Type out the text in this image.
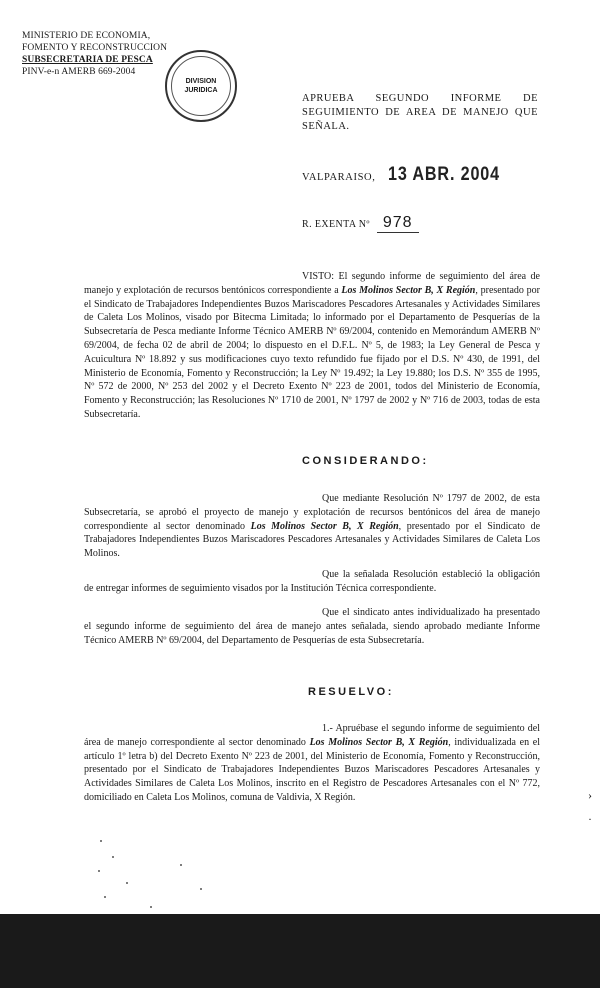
MINISTERIO DE ECONOMIA,
FOMENTO Y RECONSTRUCCION
SUBSECRETARIA DE PESCA
PINV-e-n AMERB 669-2004
DIVISION
JURIDICA
APRUEBA SEGUNDO INFORME DE SEGUIMIENTO DE AREA DE MANEJO QUE SEÑALA.
VALPARAISO, 13 ABR. 2004
R. EXENTA Nº 978
VISTO: El segundo informe de seguimiento del área de manejo y explotación de recursos bentónicos correspondiente a Los Molinos Sector B, X Región, presentado por el Sindicato de Trabajadores Independientes Buzos Mariscadores Pescadores Artesanales y Actividades Similares de Caleta Los Molinos, visado por Bitecma Limitada; lo informado por el Departamento de Pesquerías de la Subsecretaría de Pesca mediante Informe Técnico AMERB Nº 69/2004, contenido en Memorándum AMERB Nº 69/2004, de fecha 02 de abril de 2004; lo dispuesto en el D.F.L. Nº 5, de 1983; la Ley General de Pesca y Acuicultura Nº 18.892 y sus modificaciones cuyo texto refundido fue fijado por el D.S. Nº 430, de 1991, del Ministerio de Economía, Fomento y Reconstrucción; la Ley Nº 19.492; la Ley 19.880; los D.S. Nº 355 de 1995, Nº 572 de 2000, Nº 253 del 2002 y el Decreto Exento Nº 223 de 2001, todos del Ministerio de Economía, Fomento y Reconstrucción; las Resoluciones Nº 1710 de 2001, Nº 1797 de 2002 y Nº 716 de 2003, todas de esta Subsecretaría.
CONSIDERANDO:
Que mediante Resolución Nº 1797 de 2002, de esta Subsecretaría, se aprobó el proyecto de manejo y explotación de recursos bentónicos del área de manejo correspondiente al sector denominado Los Molinos Sector B, X Región, presentado por el Sindicato de Trabajadores Independientes Buzos Mariscadores Pescadores Artesanales y Actividades Similares de Caleta Los Molinos.
Que la señalada Resolución estableció la obligación de entregar informes de seguimiento visados por la Institución Técnica correspondiente.
Que el sindicato antes individualizado ha presentado el segundo informe de seguimiento del área de manejo antes señalada, siendo aprobado mediante Informe Técnico AMERB Nº 69/2004, del Departamento de Pesquerías de esta Subsecretaría.
RESUELVO:
1.- Apruébase el segundo informe de seguimiento del área de manejo correspondiente al sector denominado Los Molinos Sector B, X Región, individualizada en el artículo 1º letra b) del Decreto Exento Nº 223 de 2001, del Ministerio de Economía, Fomento y Reconstrucción, presentado por el Sindicato de Trabajadores Independientes Buzos Mariscadores Pescadores Artesanales y Actividades Similares de Caleta Los Molinos, inscrito en el Registro de Pescadores Artesanales con el Nº 772, domiciliado en Caleta Los Molinos, comuna de Valdivia, X Región.	›
·
